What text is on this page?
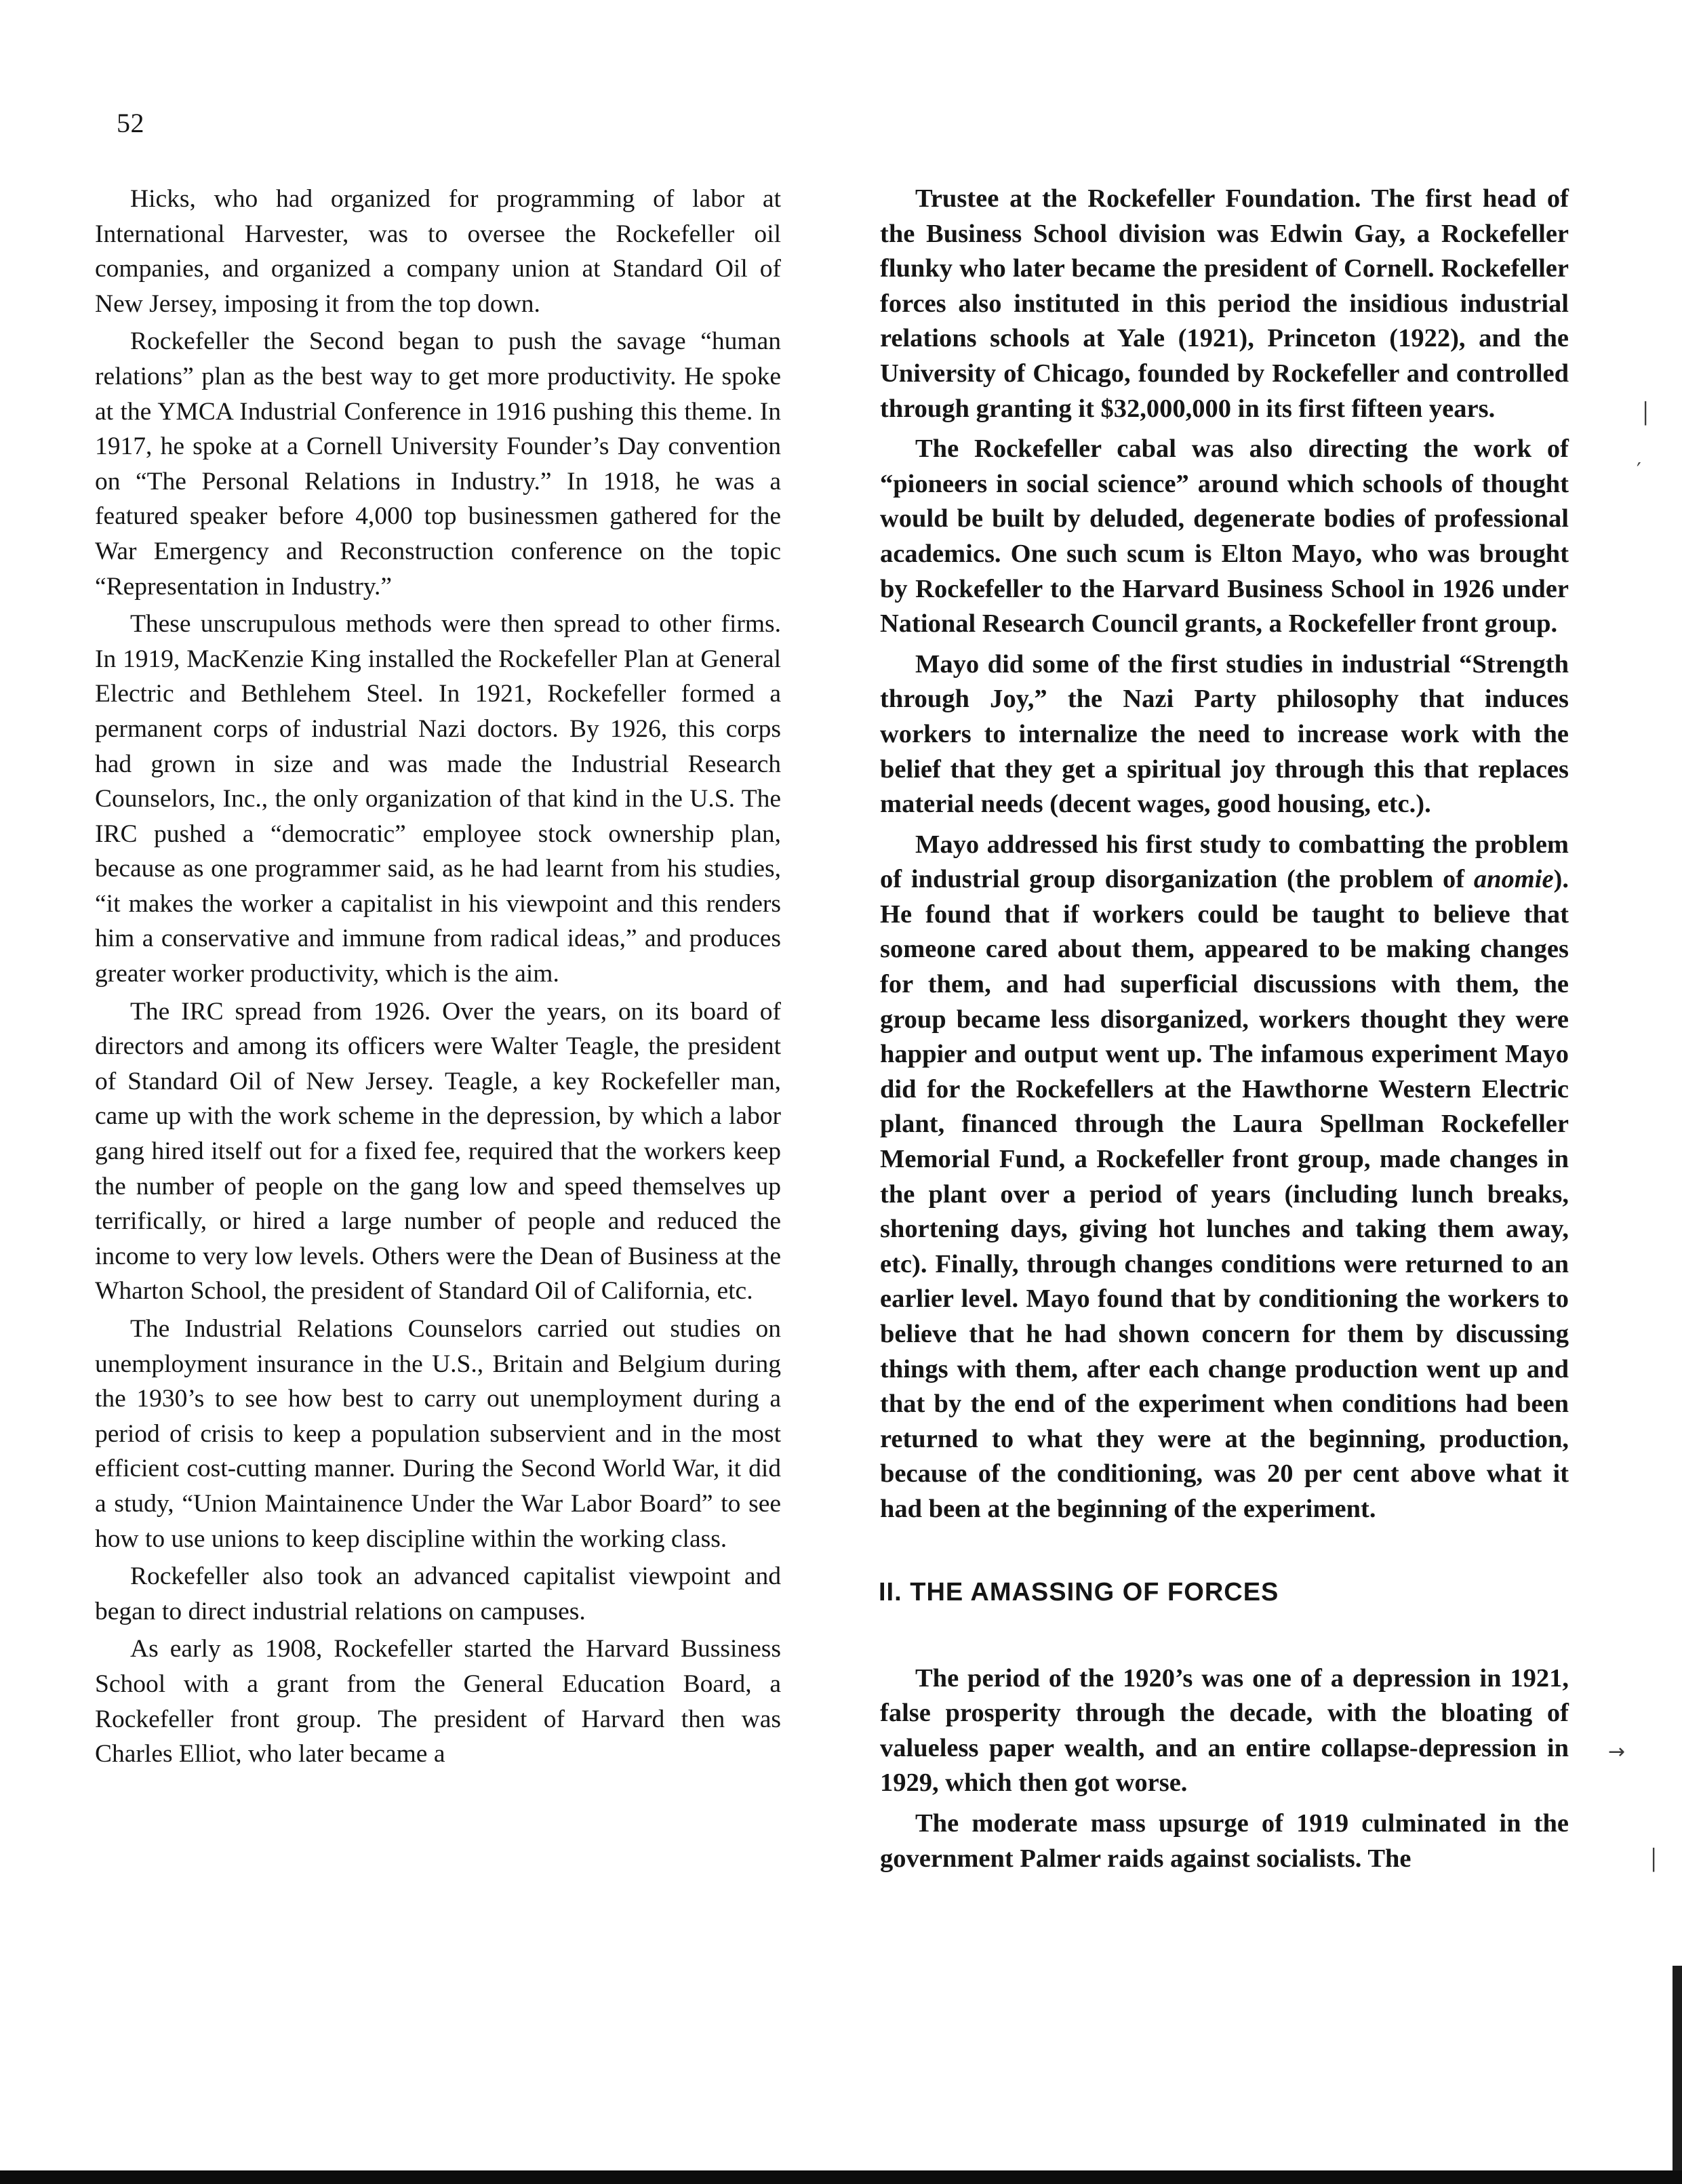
52

Hicks, who had organized for programming of labor at International Harvester, was to oversee the Rockefeller oil companies, and organized a company union at Standard Oil of New Jersey, imposing it from the top down.

Rockefeller the Second began to push the savage “human relations” plan as the best way to get more productivity. He spoke at the YMCA Industrial Conference in 1916 pushing this theme. In 1917, he spoke at a Cornell University Founder’s Day convention on “The Personal Relations in Industry.” In 1918, he was a featured speaker before 4,000 top businessmen gathered for the War Emergency and Reconstruction conference on the topic “Representation in Industry.”

These unscrupulous methods were then spread to other firms. In 1919, MacKenzie King installed the Rockefeller Plan at General Electric and Bethlehem Steel. In 1921, Rockefeller formed a permanent corps of industrial Nazi doctors. By 1926, this corps had grown in size and was made the Industrial Research Counselors, Inc., the only organization of that kind in the U.S. The IRC pushed a “democratic” employee stock ownership plan, because as one programmer said, as he had learnt from his studies, “it makes the worker a capitalist in his viewpoint and this renders him a conservative and immune from radical ideas,” and produces greater worker productivity, which is the aim.

The IRC spread from 1926. Over the years, on its board of directors and among its officers were Walter Teagle, the president of Standard Oil of New Jersey. Teagle, a key Rockefeller man, came up with the work scheme in the depression, by which a labor gang hired itself out for a fixed fee, required that the workers keep the number of people on the gang low and speed themselves up terrifically, or hired a large number of people and reduced the income to very low levels. Others were the Dean of Business at the Wharton School, the president of Standard Oil of California, etc.

The Industrial Relations Counselors carried out studies on unemployment insurance in the U.S., Britain and Belgium during the 1930’s to see how best to carry out unemployment during a period of crisis to keep a population subservient and in the most efficient cost-cutting manner. During the Second World War, it did a study, “Union Maintainence Under the War Labor Board” to see how to use unions to keep discipline within the working class.

Rockefeller also took an advanced capitalist viewpoint and began to direct industrial relations on campuses.

As early as 1908, Rockefeller started the Harvard Bussiness School with a grant from the General Education Board, a Rockefeller front group. The president of Harvard then was Charles Elliot, who later became a

Trustee at the Rockefeller Foundation. The first head of the Business School division was Edwin Gay, a Rockefeller flunky who later became the president of Cornell. Rockefeller forces also instituted in this period the insidious industrial relations schools at Yale (1921), Princeton (1922), and the University of Chicago, founded by Rockefeller and controlled through granting it $32,000,000 in its first fifteen years.

The Rockefeller cabal was also directing the work of “pioneers in social science” around which schools of thought would be built by deluded, degenerate bodies of professional academics. One such scum is Elton Mayo, who was brought by Rockefeller to the Harvard Business School in 1926 under National Research Council grants, a Rockefeller front group.

Mayo did some of the first studies in industrial “Strength through Joy,” the Nazi Party philosophy that induces workers to internalize the need to increase work with the belief that they get a spiritual joy through this that replaces material needs (decent wages, good housing, etc.).

Mayo addressed his first study to combatting the problem of industrial group disorganization (the problem of anomie). He found that if workers could be taught to believe that someone cared about them, appeared to be making changes for them, and had superficial discussions with them, the group became less disorganized, workers thought they were happier and output went up. The infamous experiment Mayo did for the Rockefellers at the Hawthorne Western Electric plant, financed through the Laura Spellman Rockefeller Memorial Fund, a Rockefeller front group, made changes in the plant over a period of years (including lunch breaks, shortening days, giving hot lunches and taking them away, etc). Finally, through changes conditions were returned to an earlier level. Mayo found that by conditioning the workers to believe that he had shown concern for them by discussing things with them, after each change production went up and that by the end of the experiment when conditions had been returned to what they were at the beginning, production, because of the conditioning, was 20 per cent above what it had been at the beginning of the experiment.

II. THE AMASSING OF FORCES

The period of the 1920’s was one of a depression in 1921, false prosperity through the decade, with the bloating of valueless paper wealth, and an entire collapse-depression in 1929, which then got worse.

The moderate mass upsurge of 1919 culminated in the government Palmer raids against socialists. The

│
′
→
│
